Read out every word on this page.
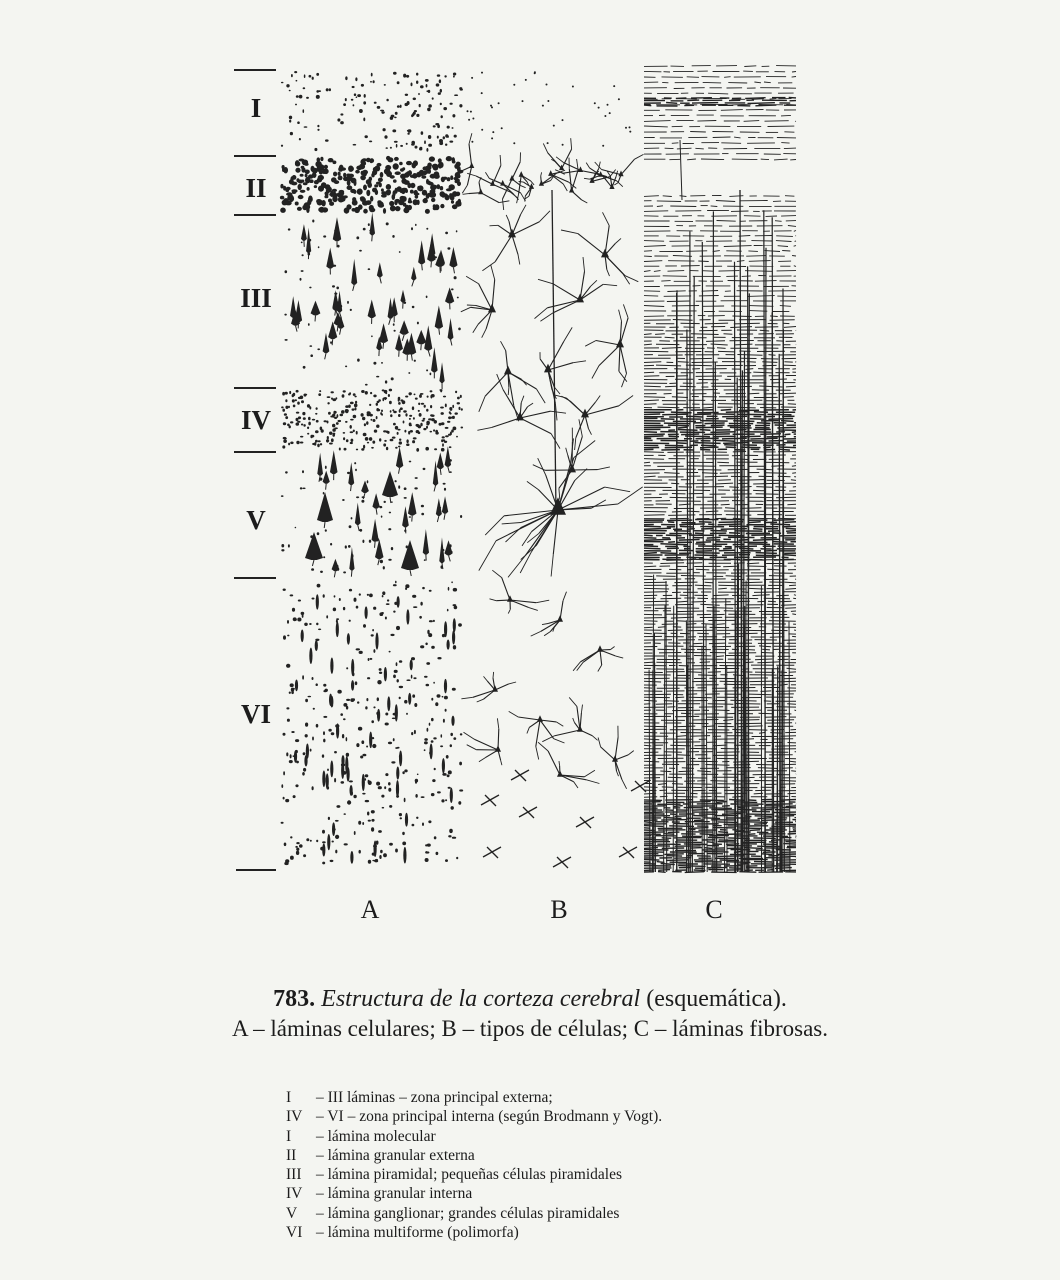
I
II
III
IV
V
VI
A	B	C
783. Estructura de la corteza cerebral (esquemática).
A – láminas celulares; B – tipos de células; C – láminas fibrosas.
I – III láminas – zona principal externa;
IV – VI – zona principal interna (según Brodmann y Vogt).
I – lámina molecular
II – lámina granular externa
III – lámina piramidal; pequeñas células piramidales
IV – lámina granular interna
V – lámina ganglionar; grandes células piramidales
VI – lámina multiforme (polimorfa)
